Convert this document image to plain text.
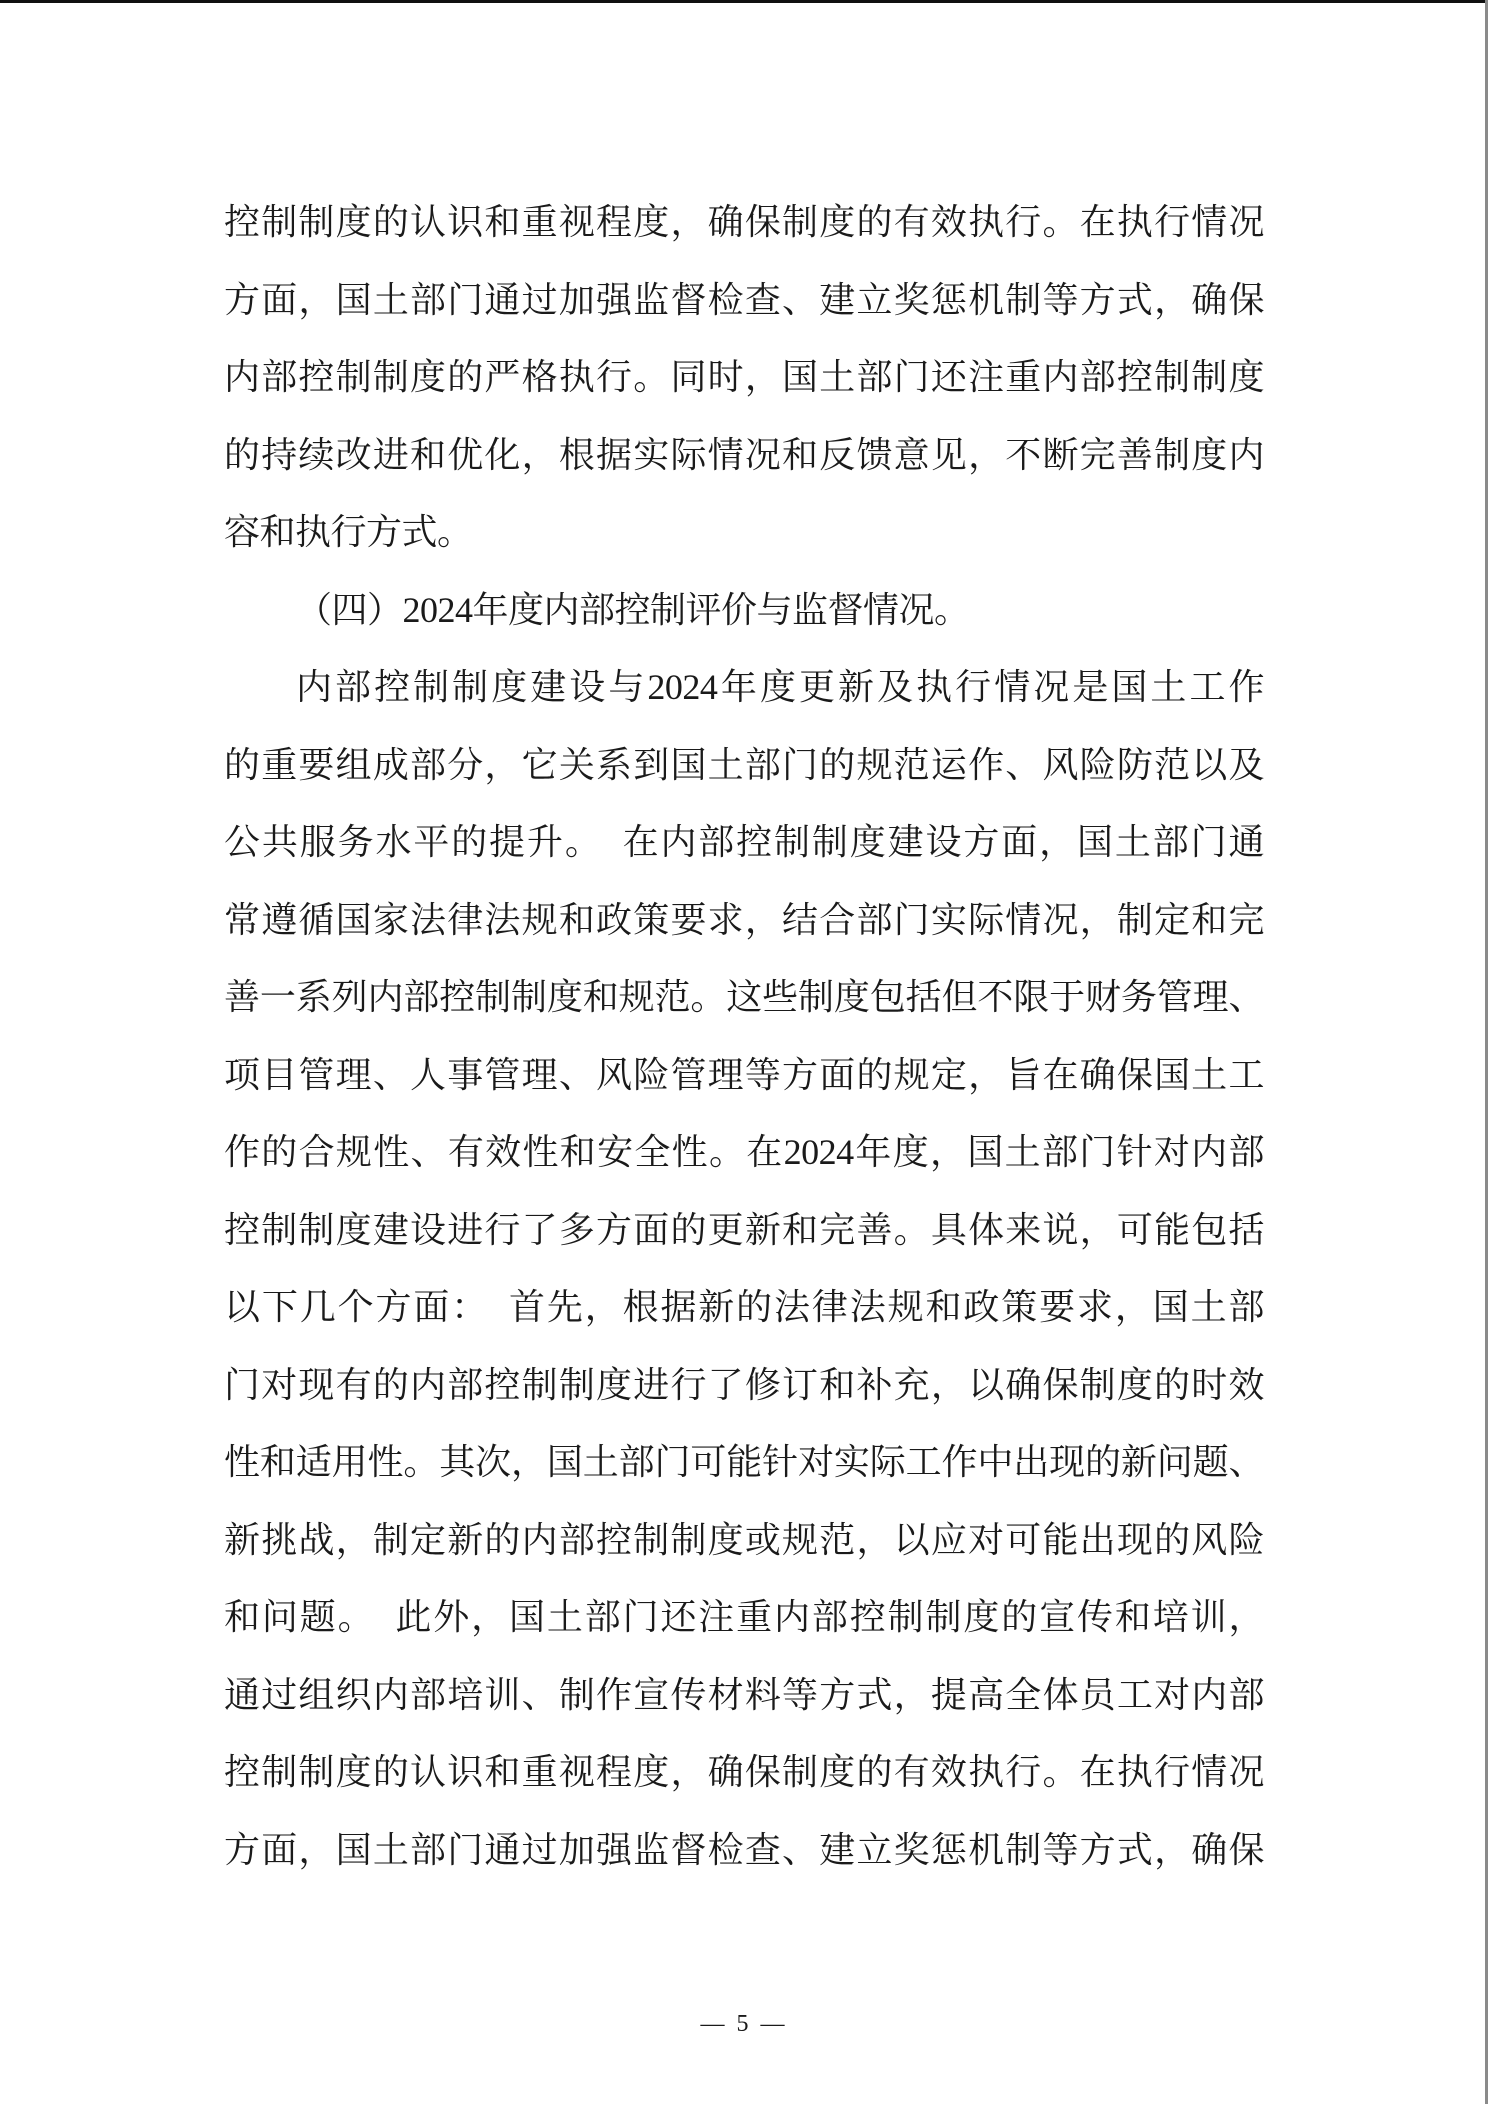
控制制度的认识和重视程度，确保制度的有效执行。在执行情况
方面，国土部门通过加强监督检查、建立奖惩机制等方式，确保
内部控制制度的严格执行。同时，国土部门还注重内部控制制度
的持续改进和优化，根据实际情况和反馈意见，不断完善制度内
容和执行方式。
（四）2024年度内部控制评价与监督情况。
内部控制制度建设与2024年度更新及执行情况是国土工作
的重要组成部分，它关系到国土部门的规范运作、风险防范以及
公共服务水平的提升。　在内部控制制度建设方面，国土部门通
常遵循国家法律法规和政策要求，结合部门实际情况，制定和完
善一系列内部控制制度和规范。这些制度包括但不限于财务管理、
项目管理、人事管理、风险管理等方面的规定，旨在确保国土工
作的合规性、有效性和安全性。在2024年度，国土部门针对内部
控制制度建设进行了多方面的更新和完善。具体来说，可能包括
以下几个方面：　首先，根据新的法律法规和政策要求，国土部
门对现有的内部控制制度进行了修订和补充，以确保制度的时效
性和适用性。其次，国土部门可能针对实际工作中出现的新问题、
新挑战，制定新的内部控制制度或规范，以应对可能出现的风险
和问题。　此外，国土部门还注重内部控制制度的宣传和培训，
通过组织内部培训、制作宣传材料等方式，提高全体员工对内部
控制制度的认识和重视程度，确保制度的有效执行。在执行情况
方面，国土部门通过加强监督检查、建立奖惩机制等方式，确保
— 5 —
